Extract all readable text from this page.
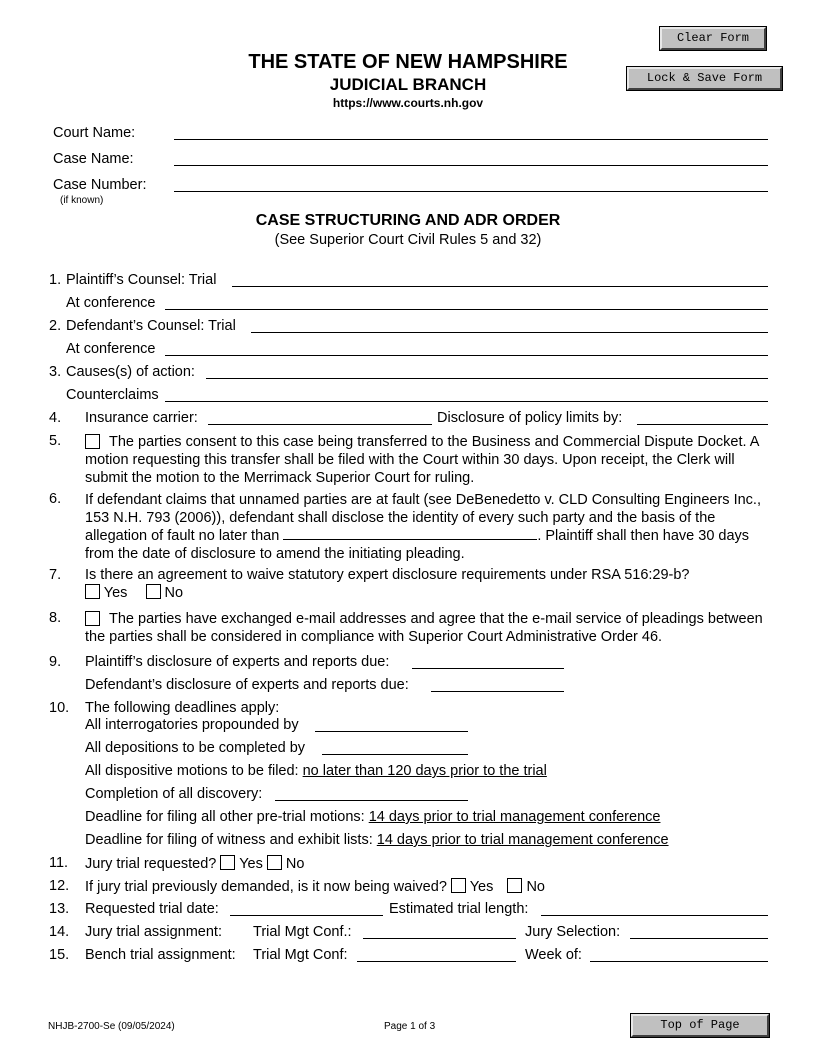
Clear Form
Lock & Save Form
THE STATE OF NEW HAMPSHIRE
JUDICIAL BRANCH
https://www.courts.nh.gov
Court Name:
Case Name:
Case Number:
(if known)
CASE STRUCTURING AND ADR ORDER
(See Superior Court Civil Rules 5 and 32)
1. Plaintiff’s Counsel: Trial
At conference
2. Defendant’s Counsel: Trial
At conference
3. Causes(s) of action:
Counterclaims
4. Insurance carrier:	Disclosure of policy limits by:
5.	The parties consent to this case being transferred to the Business and Commercial Dispute Docket. A motion requesting this transfer shall be filed with the Court within 30 days. Upon receipt, the Clerk will submit the motion to the Merrimack Superior Court for ruling.
6. If defendant claims that unnamed parties are at fault (see DeBenedetto v. CLD Consulting Engineers Inc., 153 N.H. 793 (2006)), defendant shall disclose the identity of every such party and the basis of the allegation of fault no later than	. Plaintiff shall then have 30 days from the date of disclosure to amend the initiating pleading.
7. Is there an agreement to waive statutory expert disclosure requirements under RSA 516:29-b?
Yes	No
8.	The parties have exchanged e-mail addresses and agree that the e-mail service of pleadings between the parties shall be considered in compliance with Superior Court Administrative Order 46.
9. Plaintiff’s disclosure of experts and reports due:
Defendant’s disclosure of experts and reports due:
10. The following deadlines apply:
All interrogatories propounded by
All depositions to be completed by
All dispositive motions to be filed: no later than 120 days prior to the trial
Completion of all discovery:
Deadline for filing all other pre-trial motions: 14 days prior to trial management conference
Deadline for filing of witness and exhibit lists: 14 days prior to trial management conference
11. Jury trial requested? Yes No
12. If jury trial previously demanded, is it now being waived? Yes No
13. Requested trial date:	Estimated trial length:
14. Jury trial assignment: Trial Mgt Conf.:	Jury Selection:
15. Bench trial assignment: Trial Mgt Conf:	Week of:
NHJB-2700-Se (09/05/2024)	Page 1 of 3	Top of Page
